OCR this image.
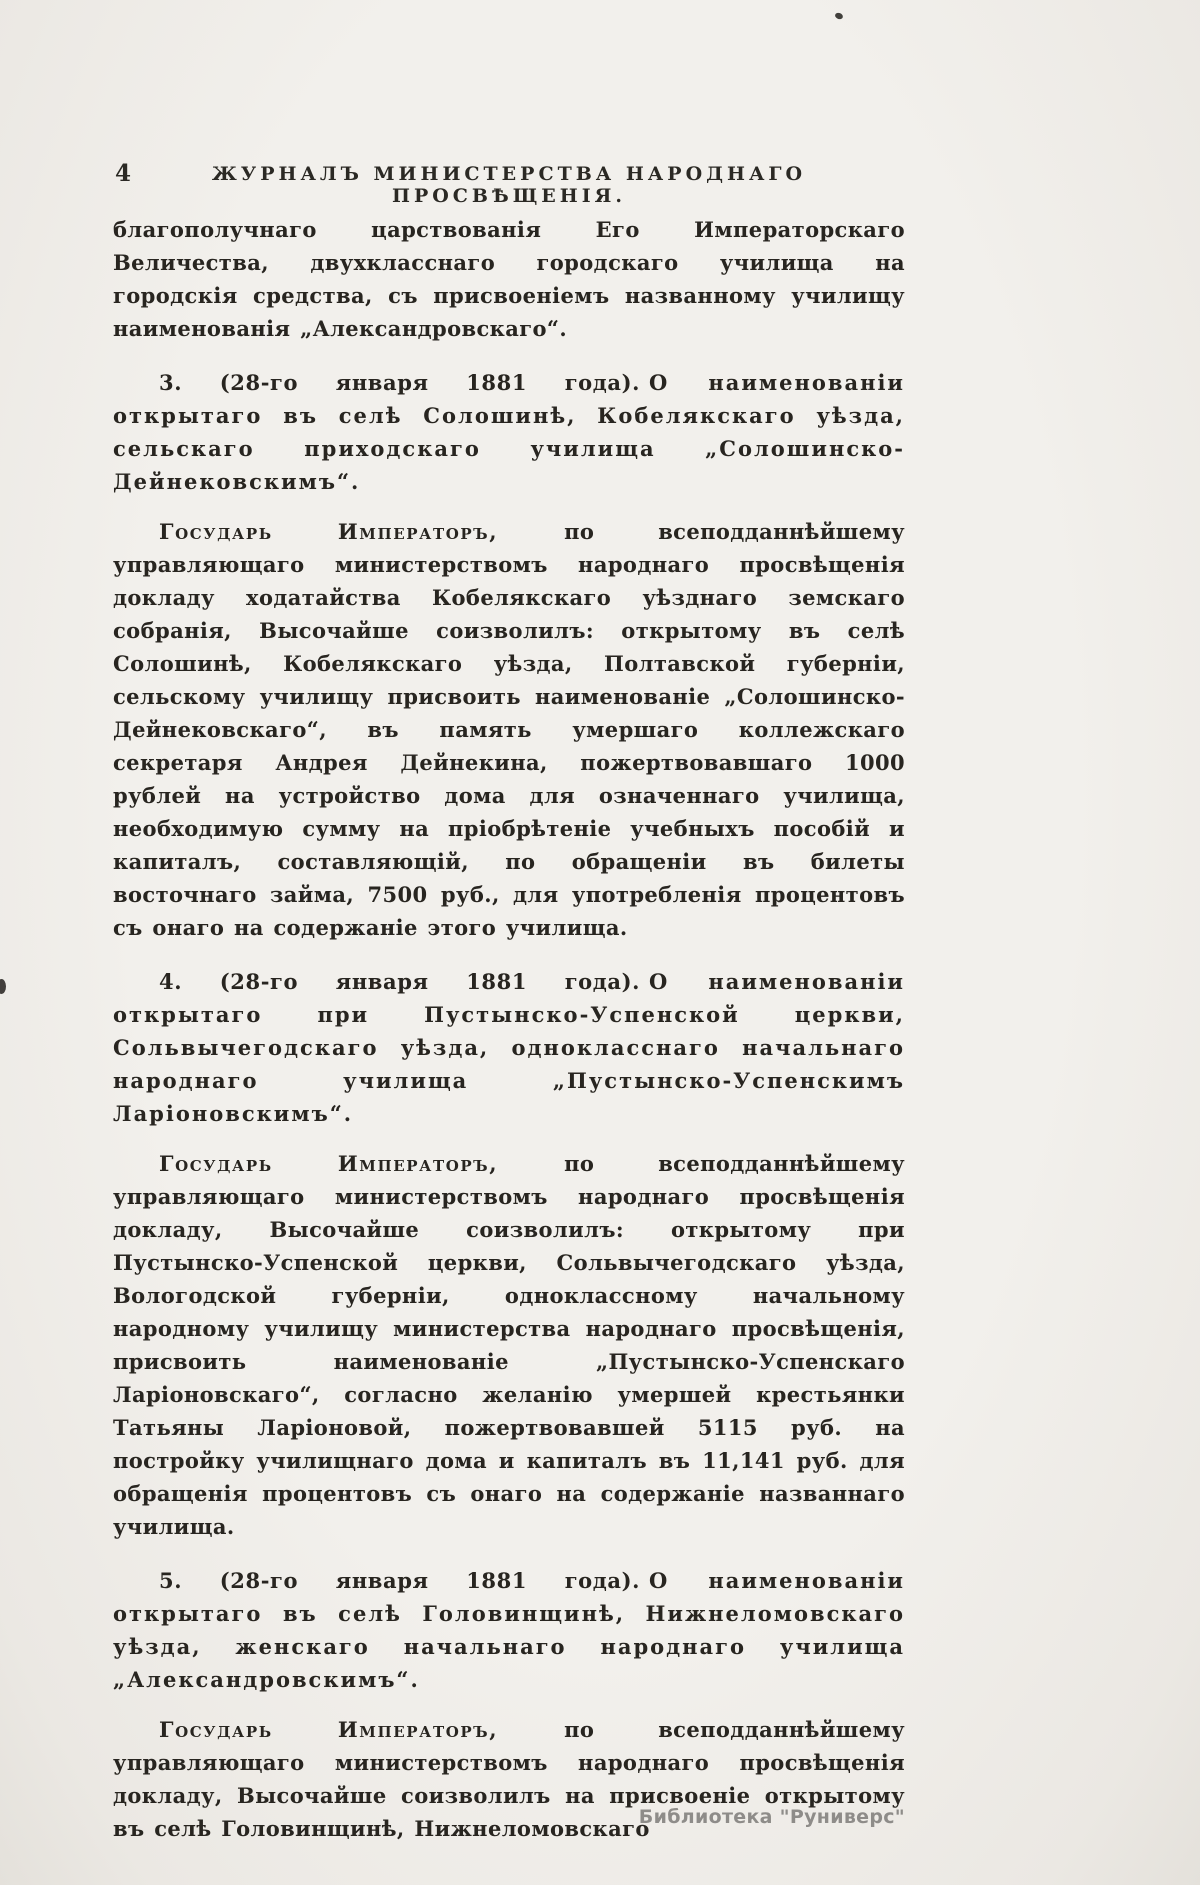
4	ЖУРНАЛЪ МИНИСТЕРСТВА НАРОДНАГО ПРОСВѢЩЕНІЯ.

благополучнаго царствованія Его Императорскаго Величества, двухкласснаго городскаго училища на городскія средства, съ присвоеніемъ названному училищу наименованія „Александровскаго“.

3. (28-го января 1881 года). О наименованіи открытаго въ селѣ Солошинѣ, Кобелякскаго уѣзда, сельскаго приходскаго училища „Солошинско-Дейнековскимъ“.

Государь Императоръ,	по всеподданнѣйшему управляющаго министерствомъ народнаго просвѣщенія докладу ходатайства Кобелякскаго уѣзднаго земскаго собранія, Высочайше соизволилъ: открытому въ селѣ Солошинѣ, Кобелякскаго уѣзда, Полтавской губерніи, сельскому училищу присвоить наименованіе „Солошинско-Дейнековскаго“, въ память умершаго коллежскаго секретаря Андрея Дейнекина, пожертвовавшаго 1000 рублей на устройство дома для означеннаго училища, необходимую сумму на пріобрѣтеніе учебныхъ пособій и капиталъ, составляющій, по обращеніи въ билеты восточнаго займа, 7500 руб., для употребленія процентовъ съ онаго на содержаніе этого училища.

4. (28-го января 1881 года). О наименованіи открытаго при Пустынско-Успенской церкви, Сольвычегодскаго уѣзда, однокласснаго начальнаго народнаго училища „Пустынско-Успенскимъ Ларіоновскимъ“.

Государь Императоръ,	по всеподданнѣйшему управляющаго министерствомъ народнаго просвѣщенія докладу, Высочайше соизволилъ: открытому при Пустынско-Успенской церкви, Сольвычегодскаго уѣзда, Вологодской губерніи, одноклассному начальному народному училищу министерства народнаго просвѣщенія, присвоить наименованіе „Пустынско-Успенскаго Ларіоновскаго“, согласно желанію умершей крестьянки Татьяны Ларіоновой, пожертвовавшей 5115 руб. на постройку училищнаго дома и капиталъ въ 11,141 руб. для обращенія процентовъ съ онаго на содержаніе названнаго училища.

5. (28-го января 1881 года). О наименованіи открытаго въ селѣ Головинщинѣ, Нижнеломовскаго уѣзда, женскаго начальнаго народнаго училища „Александровскимъ“.

Государь Императоръ,	по всеподданнѣйшему управляющаго министерствомъ народнаго просвѣщенія докладу, Высочайше соизволилъ на присвоеніе открытому въ селѣ Головинщинѣ, Нижнеломовскаго

Библиотека "Руниверс"
